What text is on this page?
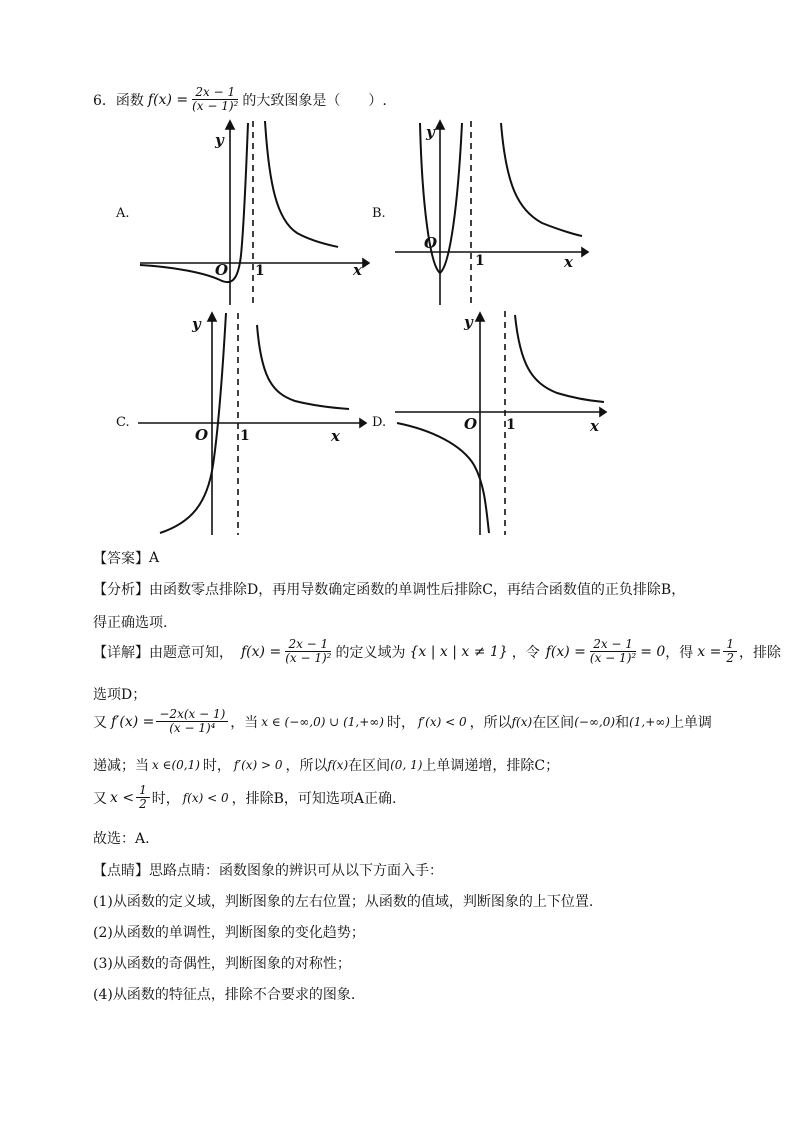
6． 函数 $f(x) = \frac{2x - 1}{\text{(x − 1)²}}$ 的大致图象是（　　）.
A.	B.
C.	D.
y
O 1	x
y
O
1	x
y
O 1	x
y
O 1	x
【答案】 A
【分析】 由函数零点排除D，再用导数确定函数的单调性后排除C，再结合函数值的正负排除B，
得正确选项.
【详解】 由题意可知， $f(x) = \frac{2x - 1}{\text{(x − 1)²}}$ 的定义域为 {x | x | x ≠ 1} ，令 $f(x) = \frac{2x - 1}{\text{(x − 1)²}} = 0$ ，得 $x = \frac{1}{2}$ ，排除
选项D；
又 $f'(x) = \frac{-2x(x - 1)}{\text{(x − 1)⁴}}$ ，当 x ∈ (−∞,0) ∪ (1,+∞) 时， f′(x) < 0 ，所以 f(x) 在区间 (−∞,0) 和 (1,+∞) 上单调
递减；当 x ∈(0,1) 时， f′(x) > 0 ，所以 f(x) 在区间 (0, 1) 上单调递增，排除C；
又 $x < \frac{1}{2}$ 时， f(x) < 0 ，排除B，可知选项A正确.
故选：A.
【点睛】 思路点睛：函数图象的辨识可从以下方面入手：
(1)从函数的定义域，判断图象的左右位置；从函数的值域，判断图象的上下位置.
(2)从函数的单调性，判断图象的变化趋势；
(3)从函数的奇偶性，判断图象的对称性；
(4)从函数的特征点，排除不合要求的图象.
